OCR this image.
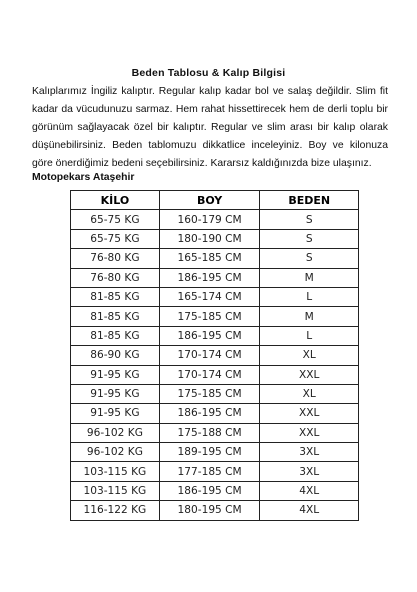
Beden Tablosu & Kalıp Bilgisi

Kalıplarımız İngiliz kalıptır. Regular kalıp kadar bol ve salaş değildir. Slim fit kadar da vücudunuzu sarmaz. Hem rahat hissettirecek hem de derli toplu bir görünüm sağlayacak özel bir kalıptır. Regular ve slim arası bir kalıp olarak düşünebilirsiniz. Beden tablomuzu dikkatlice inceleyiniz. Boy ve kilonuza göre önerdiğimiz bedeni seçebilirsiniz. Kararsız kaldığınızda bize ulaşınız.

Motopekars Ataşehir
KİLO	BOY	BEDEN
65-75 KG	160-179 CM	S
65-75 KG	180-190 CM	S
76-80 KG	165-185 CM	S
76-80 KG	186-195 CM	M
81-85 KG	165-174 CM	L
81-85 KG	175-185 CM	M
81-85 KG	186-195 CM	L
86-90 KG	170-174 CM	XL
91-95 KG	170-174 CM	XXL
91-95 KG	175-185 CM	XL
91-95 KG	186-195 CM	XXL
96-102 KG	175-188 CM	XXL
96-102 KG	189-195 CM	3XL
103-115 KG	177-185 CM	3XL
103-115 KG	186-195 CM	4XL
116-122 KG	180-195 CM	4XL
